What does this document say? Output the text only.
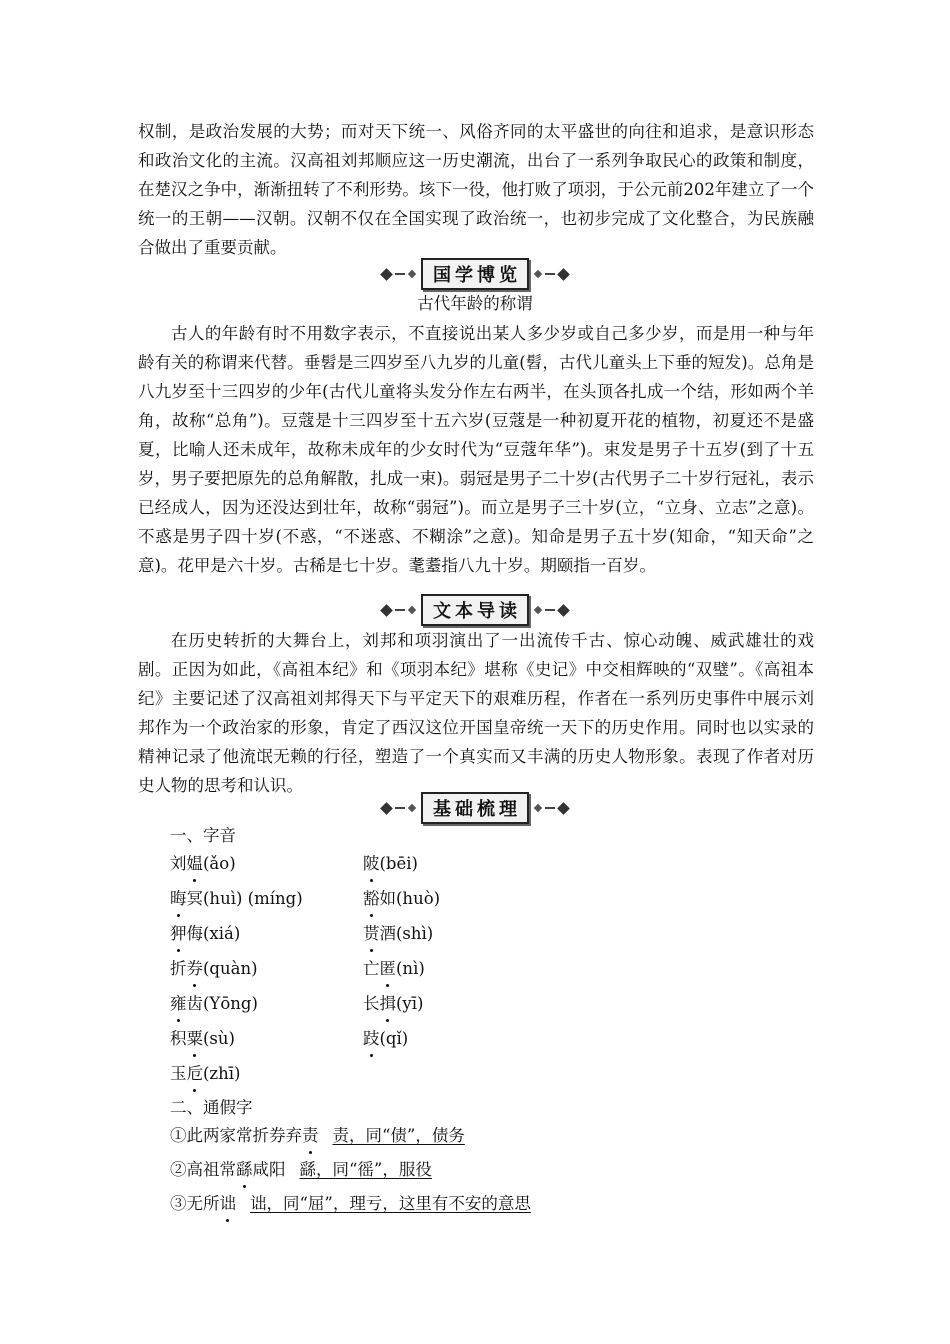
权制，是政治发展的大势；而对天下统一、风俗齐同的太平盛世的向往和追求，是意识形态和政治文化的主流。汉高祖刘邦顺应这一历史潮流，出台了一系列争取民心的政策和制度，在楚汉之争中，渐渐扭转了不利形势。垓下一役，他打败了项羽，于公元前202年建立了一个统一的王朝——汉朝。汉朝不仅在全国实现了政治统一，也初步完成了文化整合，为民族融合做出了重要贡献。

国学博览
古代年龄的称谓

古人的年龄有时不用数字表示，不直接说出某人多少岁或自己多少岁，而是用一种与年龄有关的称谓来代替。垂髫是三四岁至八九岁的儿童(髫，古代儿童头上下垂的短发)。总角是八九岁至十三四岁的少年(古代儿童将头发分作左右两半，在头顶各扎成一个结，形如两个羊角，故称“总角”)。豆蔻是十三四岁至十五六岁(豆蔻是一种初夏开花的植物，初夏还不是盛夏，比喻人还未成年，故称未成年的少女时代为“豆蔻年华”)。束发是男子十五岁(到了十五岁，男子要把原先的总角解散，扎成一束)。弱冠是男子二十岁(古代男子二十岁行冠礼，表示已经成人，因为还没达到壮年，故称“弱冠”)。而立是男子三十岁(立，“立身、立志”之意)。不惑是男子四十岁(不惑，“不迷惑、不糊涂”之意)。知命是男子五十岁(知命，“知天命”之意)。花甲是六十岁。古稀是七十岁。耄耋指八九十岁。期颐指一百岁。

文本导读

在历史转折的大舞台上，刘邦和项羽演出了一出流传千古、惊心动魄、威武雄壮的戏剧。正因为如此，《高祖本纪》和《项羽本纪》堪称《史记》中交相辉映的“双璧”。《高祖本纪》主要记述了汉高祖刘邦得天下与平定天下的艰难历程，作者在一系列历史事件中展示刘邦作为一个政治家的形象，肯定了西汉这位开国皇帝统一天下的历史作用。同时也以实录的精神记录了他流氓无赖的行径，塑造了一个真实而又丰满的历史人物形象。表现了作者对历史人物的思考和认识。

基础梳理
一、字音
刘媪(ǎo)	陂(bēi)
晦冥(huì) (míng)	豁如(huò)
狎侮(xiá)	贳酒(shì)
折券(quàn)	亡匿(nì)
雍齿(Yōng)	长揖(yī)
积粟(sù)	跂(qǐ)
玉卮(zhī)
二、通假字
①此两家常折券弃责 责，同“债”，债务
②高祖常繇咸阳 繇，同“徭”，服役
③无所诎 诎，同“屈”，理亏，这里有不安的意思
